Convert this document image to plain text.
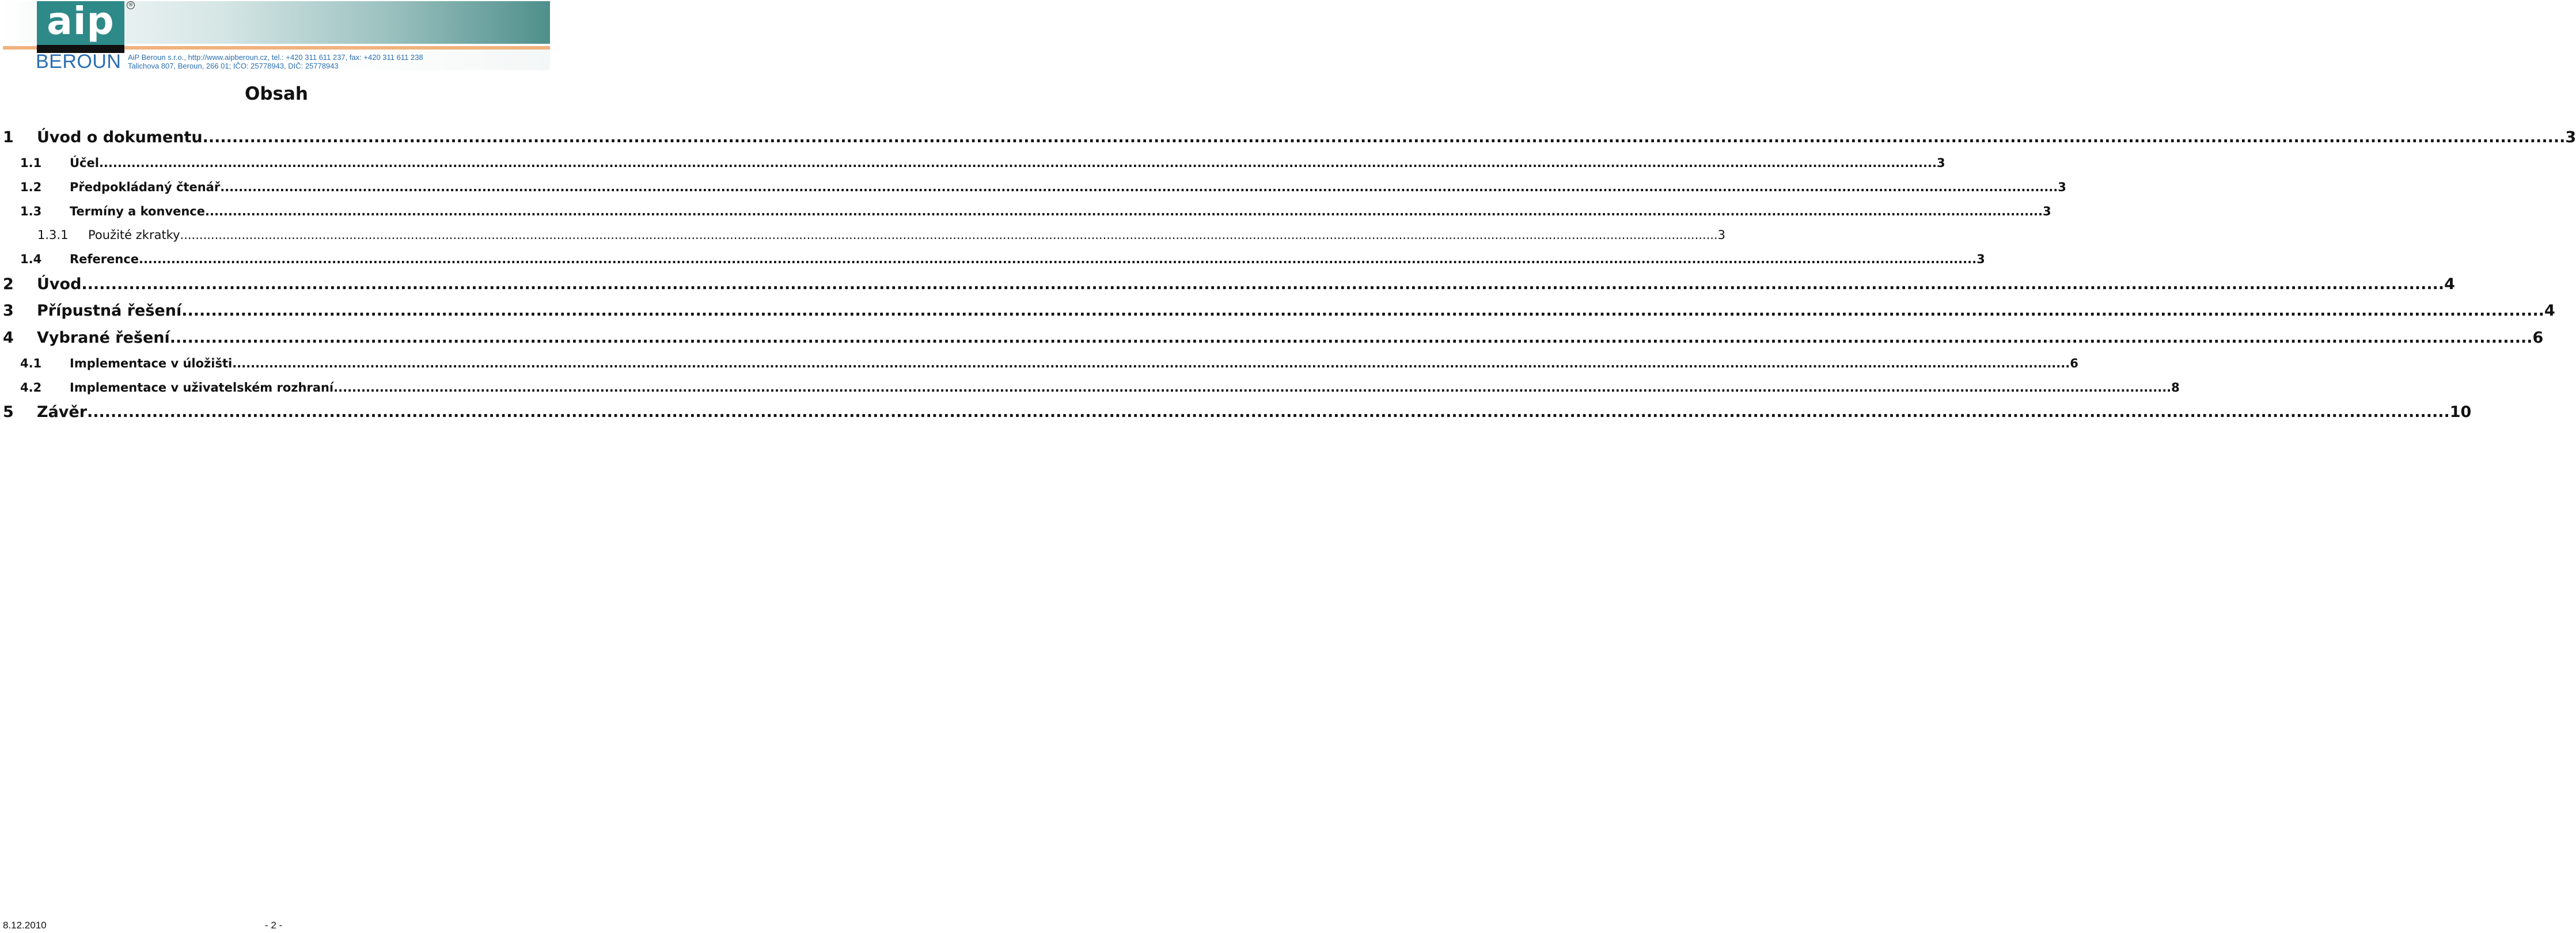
aip
BEROUN
®
AiP Beroun s.r.o., http://www.aipberoun.cz, tel.: +420 311 611 237, fax: +420 311 611 238
Talichova 807, Beroun, 266 01; IČO: 25778943, DIČ: 25778943
Obsah
1	Úvod o dokumentu ................................................................................................................................................................................................................................................................................................................................................................................................................ 3
1.1	Účel ................................................................................................................................................................................................................................................................................................................................................................................................................ 3
1.2	Předpokládaný čtenář ................................................................................................................................................................................................................................................................................................................................................................................................................ 3
1.3	Termíny a konvence ................................................................................................................................................................................................................................................................................................................................................................................................................ 3
1.3.1	Použité zkratky ................................................................................................................................................................................................................................................................................................................................................................................................................ 3
1.4	Reference ................................................................................................................................................................................................................................................................................................................................................................................................................ 3
2	Úvod ................................................................................................................................................................................................................................................................................................................................................................................................................ 4
3	Přípustná řešení ................................................................................................................................................................................................................................................................................................................................................................................................................ 4
4	Vybrané řešení ................................................................................................................................................................................................................................................................................................................................................................................................................ 6
4.1	Implementace v úložišti ................................................................................................................................................................................................................................................................................................................................................................................................................ 6
4.2	Implementace v uživatelském rozhraní ................................................................................................................................................................................................................................................................................................................................................................................................................ 8
5	Závěr ................................................................................................................................................................................................................................................................................................................................................................................................................ 10
8.12.2010	- 2 -
